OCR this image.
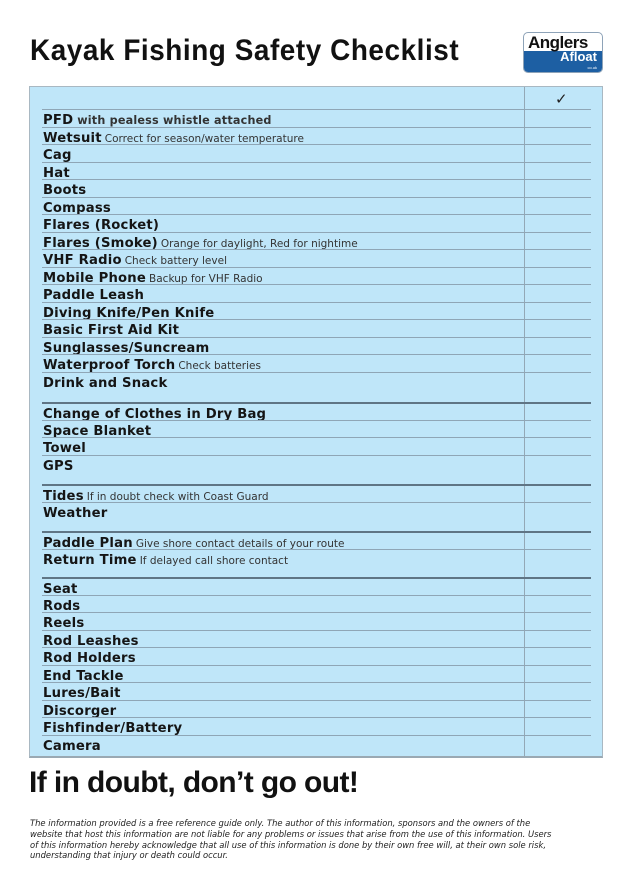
Kayak Fishing Safety Checklist	Anglers
Afloat
co.uk
✓
PFD with pealess whistle attached
Wetsuit Correct for season/water temperature
Cag
Hat
Boots
Compass
Flares (Rocket)
Flares (Smoke) Orange for daylight, Red for nightime
VHF Radio Check battery level
Mobile Phone Backup for VHF Radio
Paddle Leash
Diving Knife/Pen Knife
Basic First Aid Kit
Sunglasses/Suncream
Waterproof Torch Check batteries
Drink and Snack
Change of Clothes in Dry Bag
Space Blanket
Towel
GPS
Tides If in doubt check with Coast Guard
Weather
Paddle Plan Give shore contact details of your route
Return Time If delayed call shore contact
Seat
Rods
Reels
Rod Leashes
Rod Holders
End Tackle
Lures/Bait
Discorger
Fishfinder/Battery
Camera
If in doubt, don’t go out!
The information provided is a free reference guide only. The author of this information, sponsors and the owners of the website that host this information are not liable for any problems or issues that arise from the use of this information. Users of this information hereby acknowledge that all use of this information is done by their own free will, at their own sole risk, understanding that injury or death could occur.
